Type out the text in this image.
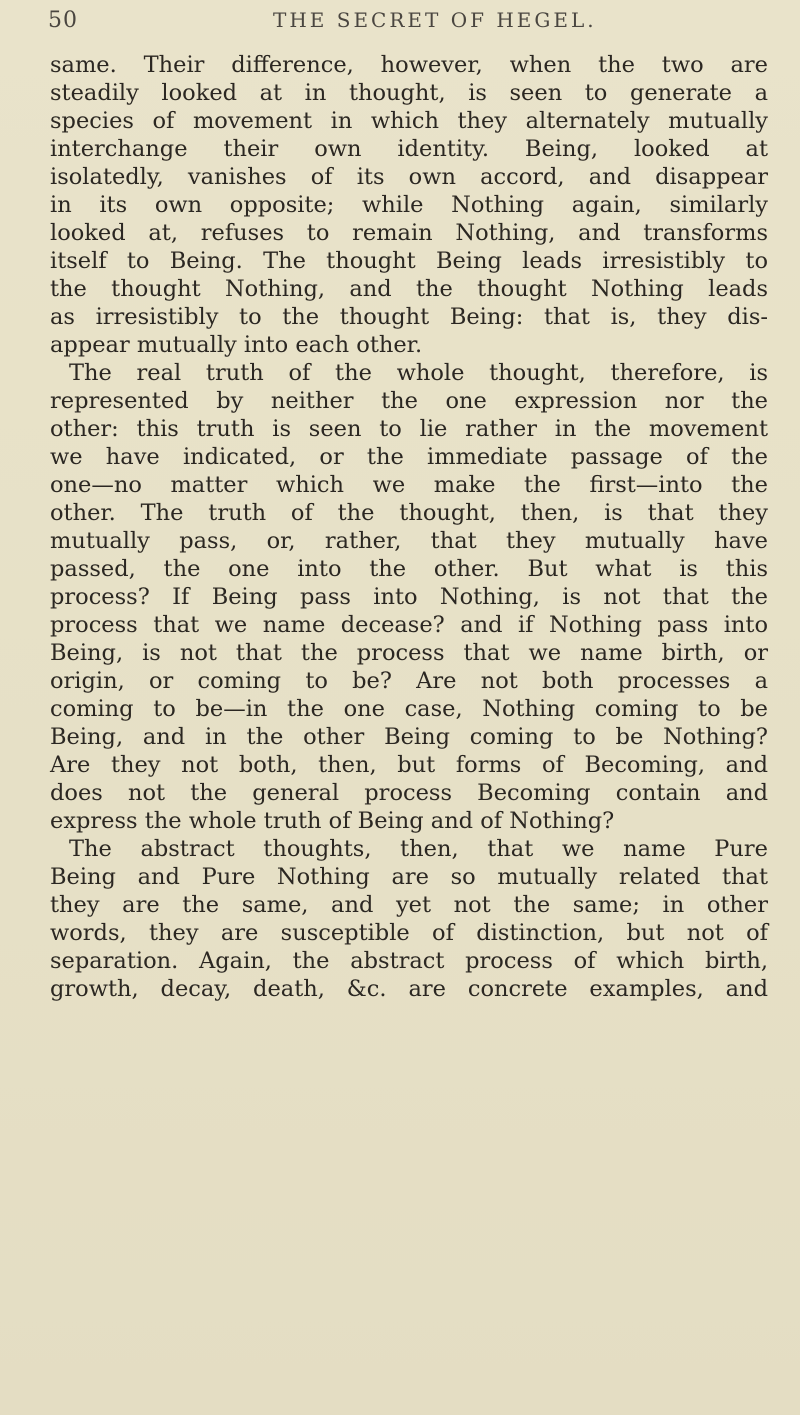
50	THE SECRET OF HEGEL.
same. Their difference, however, when the two are
steadily looked at in thought, is seen to generate a
species of movement in which they alternately mutually
interchange their own identity. Being, looked at
isolatedly, vanishes of its own accord, and disappear
in its own opposite; while Nothing again, similarly
looked at, refuses to remain Nothing, and transforms
itself to Being. The thought Being leads irresistibly to
the thought Nothing, and the thought Nothing leads
as irresistibly to the thought Being: that is, they dis-
appear mutually into each other.
The real truth of the whole thought, therefore, is
represented by neither the one expression nor the
other: this truth is seen to lie rather in the movement
we have indicated, or the immediate passage of the
one—no matter which we make the first—into the
other. The truth of the thought, then, is that they
mutually pass, or, rather, that they mutually have
passed, the one into the other. But what is this
process? If Being pass into Nothing, is not that the
process that we name decease? and if Nothing pass into
Being, is not that the process that we name birth, or
origin, or coming to be? Are not both processes a
coming to be—in the one case, Nothing coming to be
Being, and in the other Being coming to be Nothing?
Are they not both, then, but forms of Becoming, and
does not the general process Becoming contain and
express the whole truth of Being and of Nothing?
The abstract thoughts, then, that we name Pure
Being and Pure Nothing are so mutually related that
they are the same, and yet not the same; in other
words, they are susceptible of distinction, but not of
separation. Again, the abstract process of which birth,
growth, decay, death, &c. are concrete examples, and
